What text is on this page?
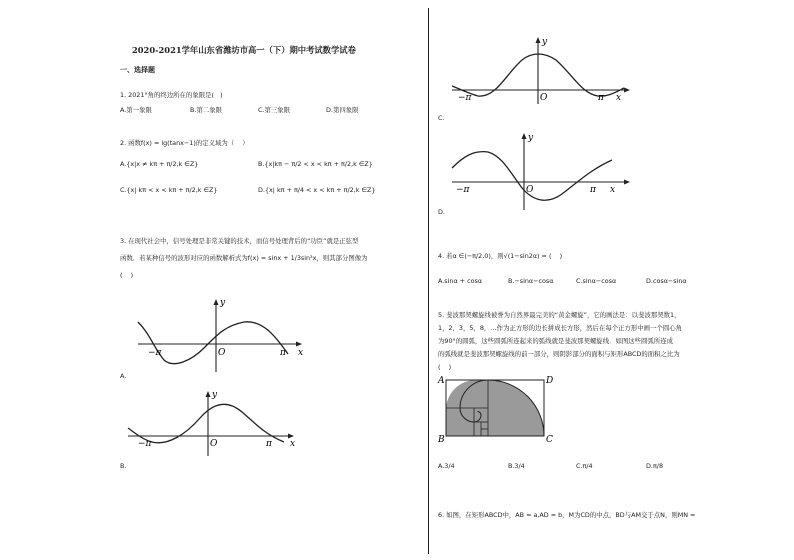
2020-2021学年山东省潍坊市高一（下）期中考试数学试卷
一、选择题
1. 2021°角的终边所在的象限是(   )
A.第一象限	B.第二象限	C.第三象限	D.第四象限
2. 函数f(x) = lg(tanx−1)的定义域为（    ）
A.{x|x ≠ kπ + π/2,k ∈Z}	B.{x|kπ − π/2 < x < kπ + π/2,k ∈Z}
C.{x| kπ < x < kπ + π/2,k ∈Z}	D.{x| kπ + π/4 < x < kπ + π/2,k ∈Z}
3. 在现代社会中，信号处理是非常关键的技术，而信号处理背后的“功臣”就是正弦型
函数．若某种信号的波形对应的函数解析式为f(x) = sinx + 1/3sin³x，则其部分图像为
(    )
−π	O	π x
y
A.
−π	O	π x
y
B.
−π	O	π x
y
C.
−π	O	π x
y
D.
4. 若α ∈(−π/2,0)，则√(1−sin2α) = (    )
A.sinα + cosα	B.−sinα−cosα	C.sinα−cosα	D.cosα−sinα
5. 斐波那契螺旋线被誉为自然界最完美的“黄金螺旋”，它的画法是：以斐波那契数1，
1，2，3，5，8，…作为正方形的边长拼成长方形，然后在每个正方形中画一个圆心角
为90°的圆弧，这些圆弧所连起来的弧线就是斐波那契螺旋线．如图这些圆弧所连成
的弧线就是斐波那契螺旋线的前一部分，则阴影部分的面积与矩形ABCD的面积之比为
(    )
A
B	C
D
A.3/4	B.3/4	C.π/4	D.π/8
6. 如图，在矩形ABCD中，AB = a,AD = b，M为CD的中点，BD与AM交于点N，则MN =
